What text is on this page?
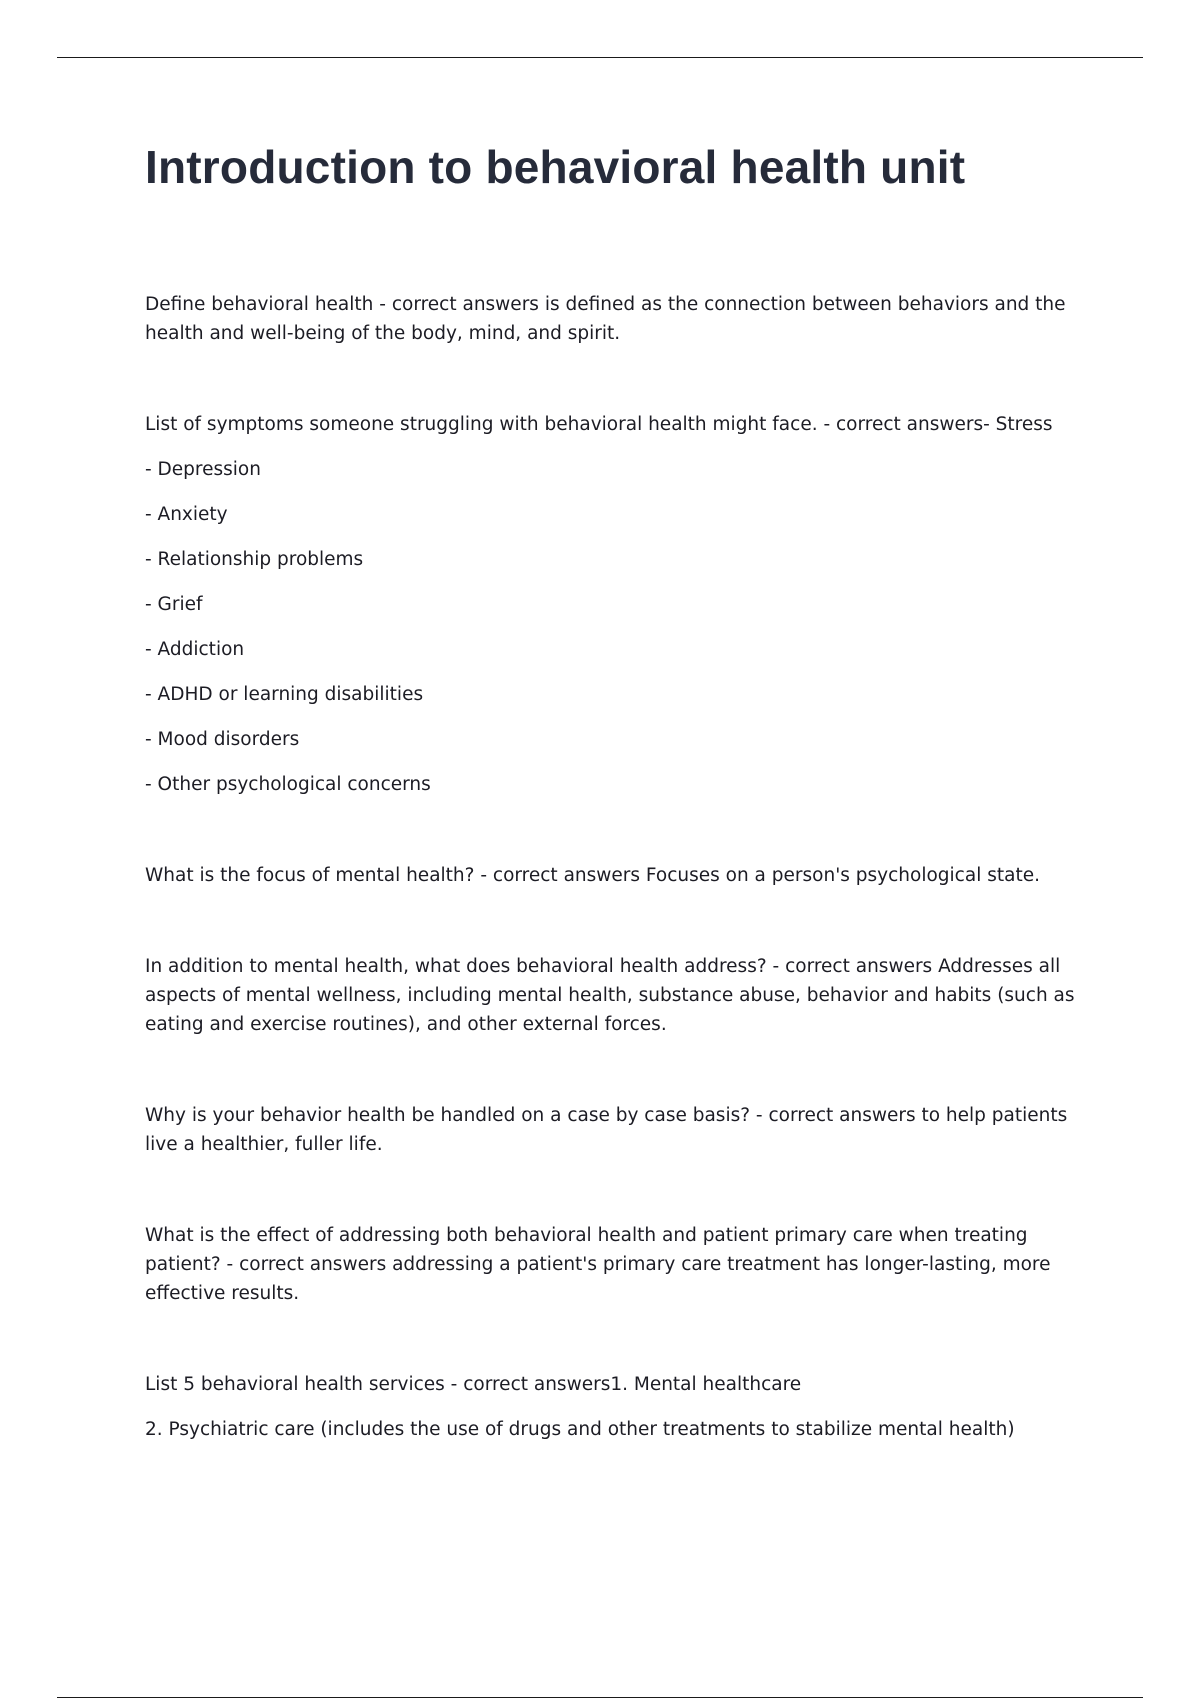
Introduction to behavioral health unit

Define behavioral health - correct answers is defined as the connection between behaviors and the health and well-being of the body, mind, and spirit.

List of symptoms someone struggling with behavioral health might face. - correct answers- Stress

- Depression

- Anxiety

- Relationship problems

- Grief

- Addiction

- ADHD or learning disabilities

- Mood disorders

- Other psychological concerns

What is the focus of mental health? - correct answers Focuses on a person's psychological state.

In addition to mental health, what does behavioral health address? - correct answers Addresses all aspects of mental wellness, including mental health, substance abuse, behavior and habits (such as eating and exercise routines), and other external forces.

Why is your behavior health be handled on a case by case basis? - correct answers to help patients live a healthier, fuller life.

What is the effect of addressing both behavioral health and patient primary care when treating patient? - correct answers addressing a patient's primary care treatment has longer-lasting, more effective results.

List 5 behavioral health services - correct answers1. Mental healthcare

2. Psychiatric care (includes the use of drugs and other treatments to stabilize mental health)
